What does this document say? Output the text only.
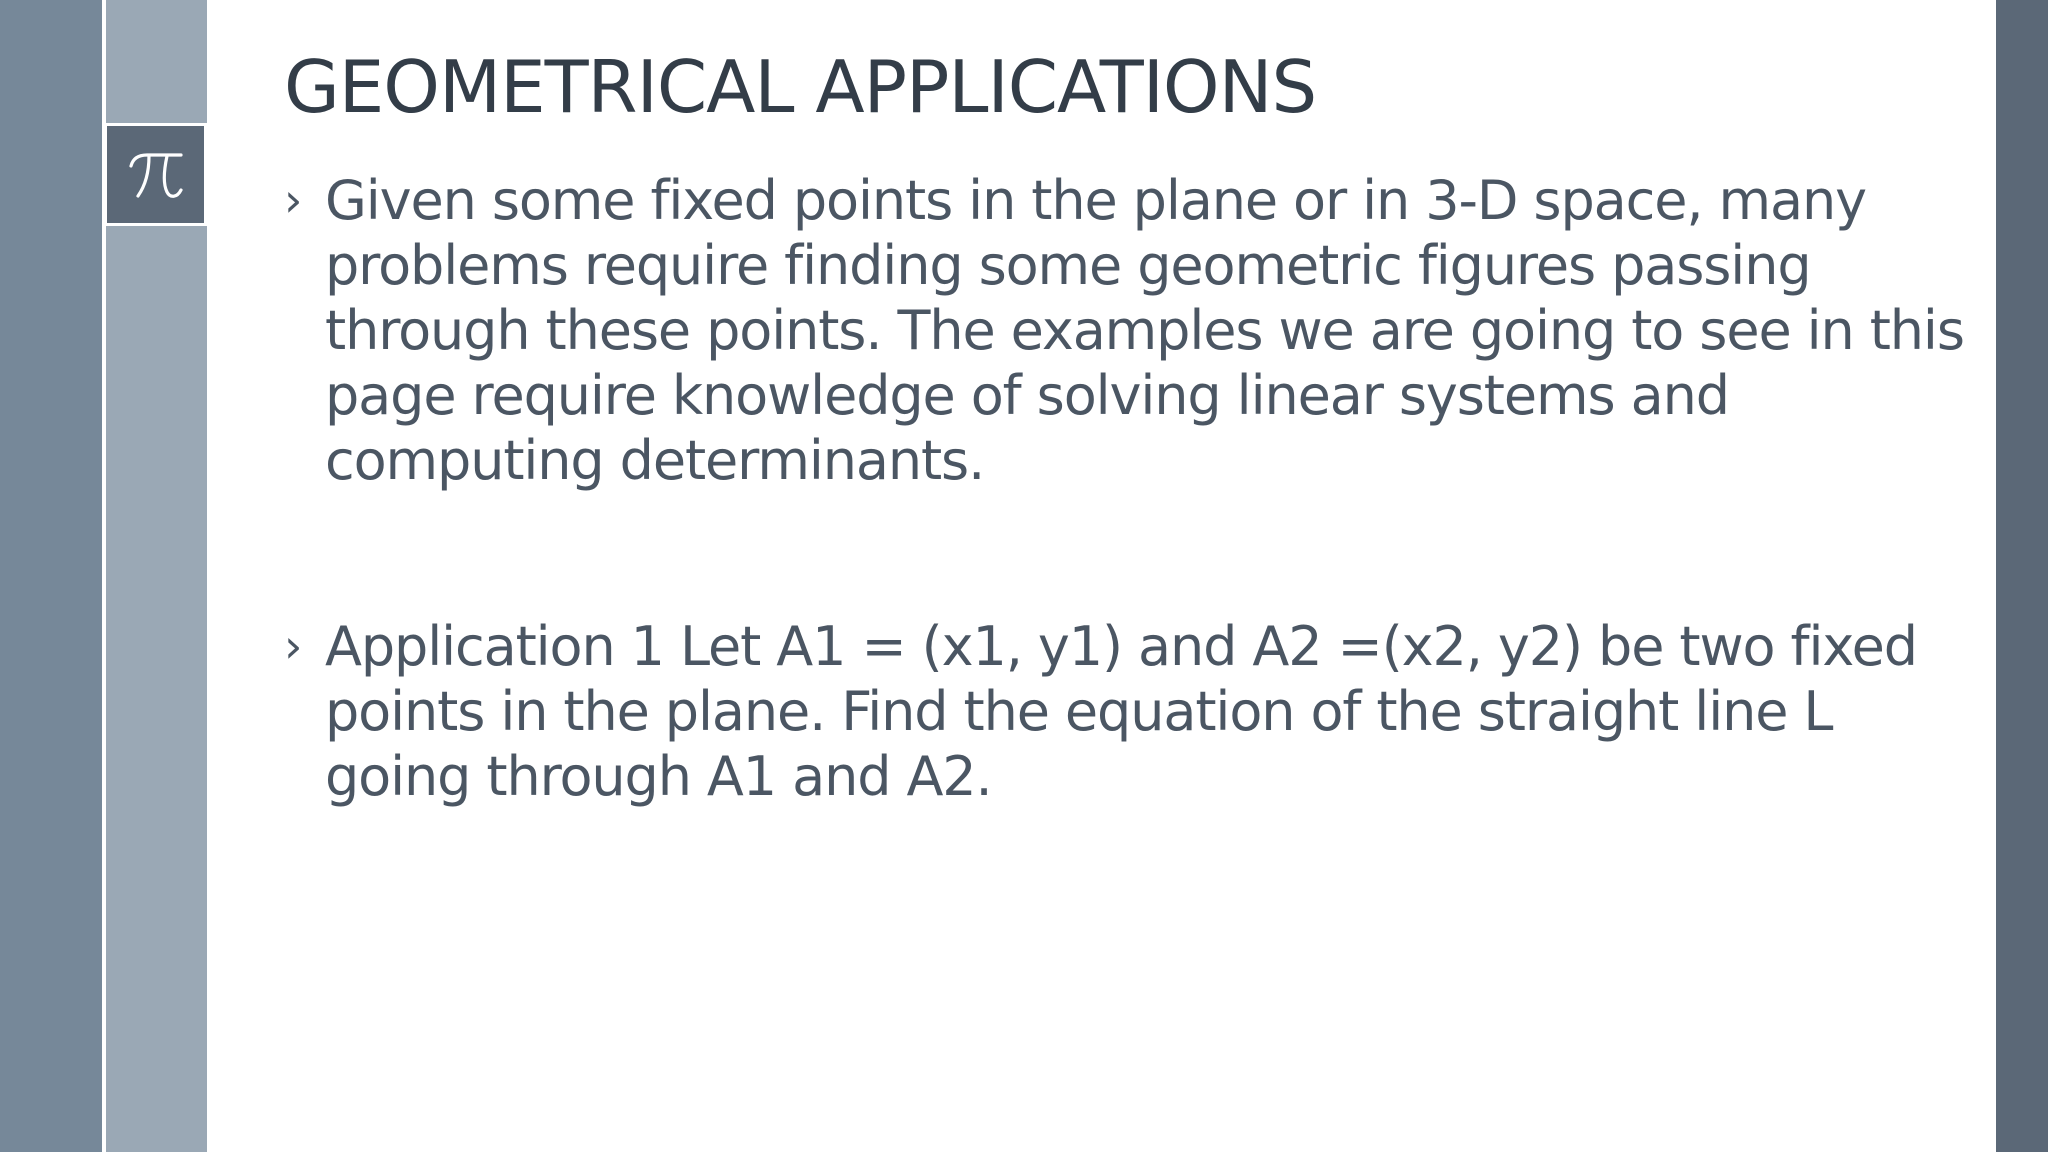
GEOMETRICAL APPLICATIONS
› Given some fixed points in the plane or in 3-D space, many problems require finding some geometric figures passing through these points. The examples we are going to see in this page require knowledge of solving linear systems and computing determinants.
› Application 1 Let A1 = (x1, y1) and A2 =(x2, y2) be two fixed points in the plane. Find the equation of the straight line L going through A1 and A2.
